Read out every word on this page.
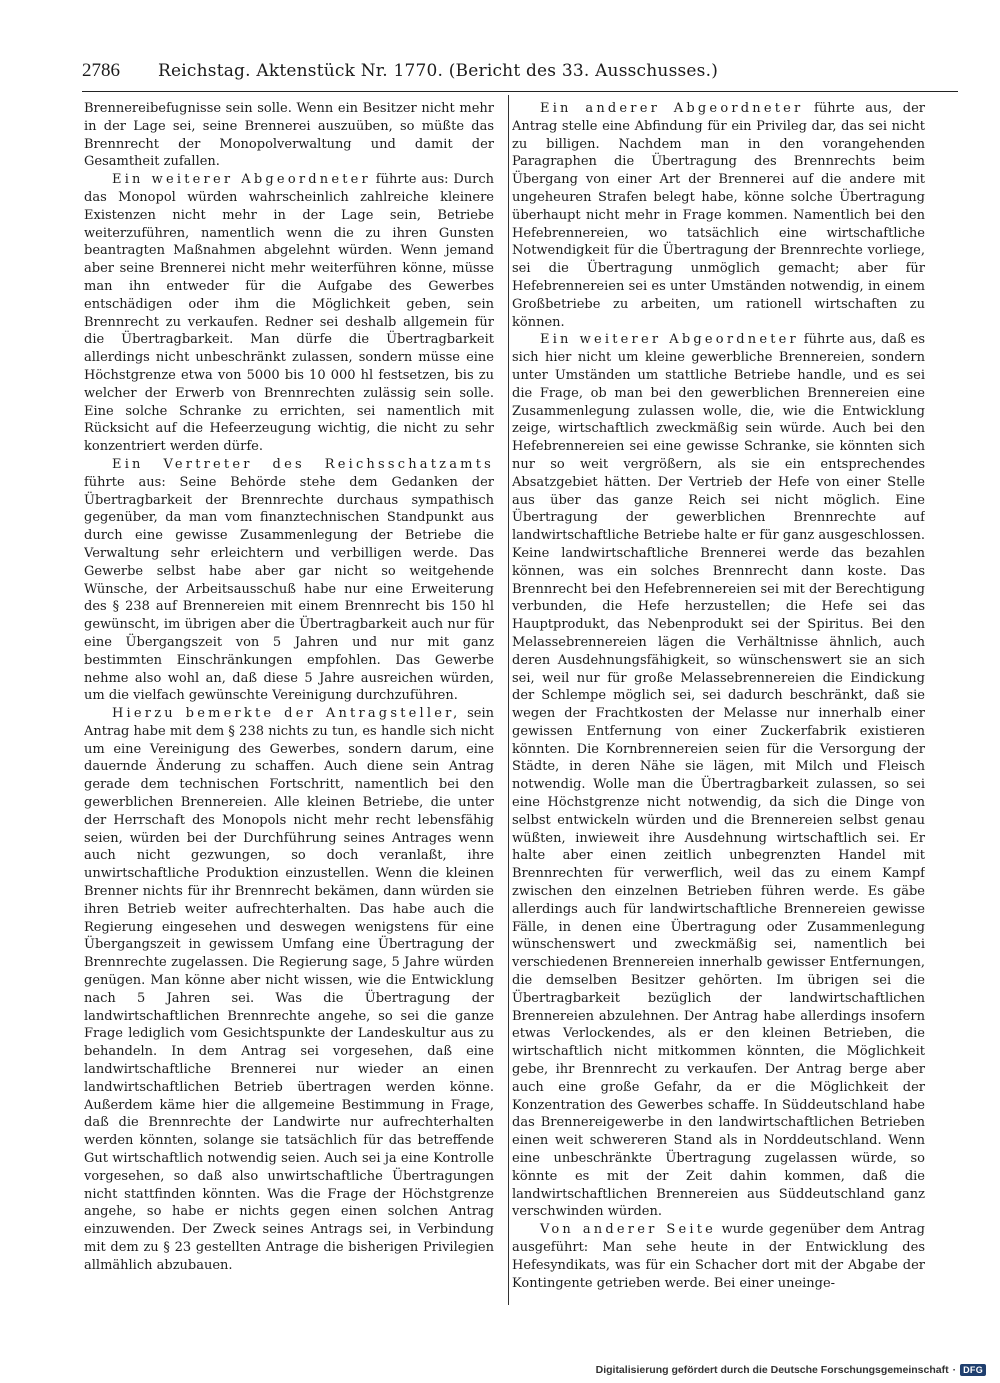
2786 Reichstag. Aktenstück Nr. 1770. (Bericht des 33. Ausschusses.)

Brennereibefugnisse sein solle. Wenn ein Besitzer nicht mehr in der Lage sei, seine Brennerei auszuüben, so müßte das Brennrecht der Monopolverwaltung und damit der Gesamtheit zufallen.

Ein weiterer Abgeordneter führte aus: Durch das Monopol würden wahrscheinlich zahlreiche kleinere Existenzen nicht mehr in der Lage sein, Betriebe weiterzuführen, namentlich wenn die zu ihren Gunsten beantragten Maßnahmen abgelehnt würden. Wenn jemand aber seine Brennerei nicht mehr weiterführen könne, müsse man ihn entweder für die Aufgabe des Gewerbes entschädigen oder ihm die Möglichkeit geben, sein Brennrecht zu verkaufen. Redner sei deshalb allgemein für die Übertragbarkeit. Man dürfe die Übertragbarkeit allerdings nicht unbeschränkt zulassen, sondern müsse eine Höchstgrenze etwa von 5000 bis 10 000 hl festsetzen, bis zu welcher der Erwerb von Brennrechten zulässig sein solle. Eine solche Schranke zu errichten, sei namentlich mit Rücksicht auf die Hefeerzeugung wichtig, die nicht zu sehr konzentriert werden dürfe.

Ein Vertreter des Reichsschatzamts führte aus: Seine Behörde stehe dem Gedanken der Übertragbarkeit der Brennrechte durchaus sympathisch gegenüber, da man vom finanztechnischen Standpunkt aus durch eine gewisse Zusammenlegung der Betriebe die Verwaltung sehr erleichtern und verbilligen werde. Das Gewerbe selbst habe aber gar nicht so weitgehende Wünsche, der Arbeitsausschuß habe nur eine Erweiterung des § 238 auf Brennereien mit einem Brennrecht bis 150 hl gewünscht, im übrigen aber die Übertragbarkeit auch nur für eine Übergangszeit von 5 Jahren und nur mit ganz bestimmten Einschränkungen empfohlen. Das Gewerbe nehme also wohl an, daß diese 5 Jahre ausreichen würden, um die vielfach gewünschte Vereinigung durchzuführen.

Hierzu bemerkte der Antragsteller, sein Antrag habe mit dem § 238 nichts zu tun, es handle sich nicht um eine Vereinigung des Gewerbes, sondern darum, eine dauernde Änderung zu schaffen. Auch diene sein Antrag gerade dem technischen Fortschritt, namentlich bei den gewerblichen Brennereien. Alle kleinen Betriebe, die unter der Herrschaft des Monopols nicht mehr recht lebensfähig seien, würden bei der Durchführung seines Antrages wenn auch nicht gezwungen, so doch veranlaßt, ihre unwirtschaftliche Produktion einzustellen. Wenn die kleinen Brenner nichts für ihr Brennrecht bekämen, dann würden sie ihren Betrieb weiter aufrechterhalten. Das habe auch die Regierung eingesehen und deswegen wenigstens für eine Übergangszeit in gewissem Umfang eine Übertragung der Brennrechte zugelassen. Die Regierung sage, 5 Jahre würden genügen. Man könne aber nicht wissen, wie die Entwicklung nach 5 Jahren sei. Was die Übertragung der landwirtschaftlichen Brennrechte angehe, so sei die ganze Frage lediglich vom Gesichtspunkte der Landeskultur aus zu behandeln. In dem Antrag sei vorgesehen, daß eine landwirtschaftliche Brennerei nur wieder an einen landwirtschaftlichen Betrieb übertragen werden könne. Außerdem käme hier die allgemeine Bestimmung in Frage, daß die Brennrechte der Landwirte nur aufrechterhalten werden könnten, solange sie tatsächlich für das betreffende Gut wirtschaftlich notwendig seien. Auch sei ja eine Kontrolle vorgesehen, so daß also unwirtschaftliche Übertragungen nicht stattfinden könnten. Was die Frage der Höchstgrenze angehe, so habe er nichts gegen einen solchen Antrag einzuwenden. Der Zweck seines Antrags sei, in Verbindung mit dem zu § 23 gestellten Antrage die bisherigen Privilegien allmählich abzubauen.

Ein anderer Abgeordneter führte aus, der Antrag stelle eine Abfindung für ein Privileg dar, das sei nicht zu billigen. Nachdem man in den vorangehenden Paragraphen die Übertragung des Brennrechts beim Übergang von einer Art der Brennerei auf die andere mit ungeheuren Strafen belegt habe, könne solche Übertragung überhaupt nicht mehr in Frage kommen. Namentlich bei den Hefebrennereien, wo tatsächlich eine wirtschaftliche Notwendigkeit für die Übertragung der Brennrechte vorliege, sei die Übertragung unmöglich gemacht; aber für Hefebrennereien sei es unter Umständen notwendig, in einem Großbetriebe zu arbeiten, um rationell wirtschaften zu können.

Ein weiterer Abgeordneter führte aus, daß es sich hier nicht um kleine gewerbliche Brennereien, sondern unter Umständen um stattliche Betriebe handle, und es sei die Frage, ob man bei den gewerblichen Brennereien eine Zusammenlegung zulassen wolle, die, wie die Entwicklung zeige, wirtschaftlich zweckmäßig sein würde. Auch bei den Hefebrennereien sei eine gewisse Schranke, sie könnten sich nur so weit vergrößern, als sie ein entsprechendes Absatzgebiet hätten. Der Vertrieb der Hefe von einer Stelle aus über das ganze Reich sei nicht möglich. Eine Übertragung der gewerblichen Brennrechte auf landwirtschaftliche Betriebe halte er für ganz ausgeschlossen. Keine landwirtschaftliche Brennerei werde das bezahlen können, was ein solches Brennrecht dann koste. Das Brennrecht bei den Hefebrennereien sei mit der Berechtigung verbunden, die Hefe herzustellen; die Hefe sei das Hauptprodukt, das Nebenprodukt sei der Spiritus. Bei den Melassebrennereien lägen die Verhältnisse ähnlich, auch deren Ausdehnungsfähigkeit, so wünschenswert sie an sich sei, weil nur für große Melassebrennereien die Eindickung der Schlempe möglich sei, sei dadurch beschränkt, daß sie wegen der Frachtkosten der Melasse nur innerhalb einer gewissen Entfernung von einer Zuckerfabrik existieren könnten. Die Kornbrennereien seien für die Versorgung der Städte, in deren Nähe sie lägen, mit Milch und Fleisch notwendig. Wolle man die Übertragbarkeit zulassen, so sei eine Höchstgrenze nicht notwendig, da sich die Dinge von selbst entwickeln würden und die Brennereien selbst genau wüßten, inwieweit ihre Ausdehnung wirtschaftlich sei. Er halte aber einen zeitlich unbegrenzten Handel mit Brennrechten für verwerflich, weil das zu einem Kampf zwischen den einzelnen Betrieben führen werde. Es gäbe allerdings auch für landwirtschaftliche Brennereien gewisse Fälle, in denen eine Übertragung oder Zusammenlegung wünschenswert und zweckmäßig sei, namentlich bei verschiedenen Brennereien innerhalb gewisser Entfernungen, die demselben Besitzer gehörten. Im übrigen sei die Übertragbarkeit bezüglich der landwirtschaftlichen Brennereien abzulehnen. Der Antrag habe allerdings insofern etwas Verlockendes, als er den kleinen Betrieben, die wirtschaftlich nicht mitkommen könnten, die Möglichkeit gebe, ihr Brennrecht zu verkaufen. Der Antrag berge aber auch eine große Gefahr, da er die Möglichkeit der Konzentration des Gewerbes schaffe. In Süddeutschland habe das Brennereigewerbe in den landwirtschaftlichen Betrieben einen weit schwereren Stand als in Norddeutschland. Wenn eine unbeschränkte Übertragung zugelassen würde, so könnte es mit der Zeit dahin kommen, daß die landwirtschaftlichen Brennereien aus Süddeutschland ganz verschwinden würden.

Von anderer Seite wurde gegenüber dem Antrag ausgeführt: Man sehe heute in der Entwicklung des Hefesyndikats, was für ein Schacher dort mit der Abgabe der Kontingente getrieben werde. Bei einer uneinge-

Digitalisierung gefördert durch die Deutsche Forschungsgemeinschaft · DFG
